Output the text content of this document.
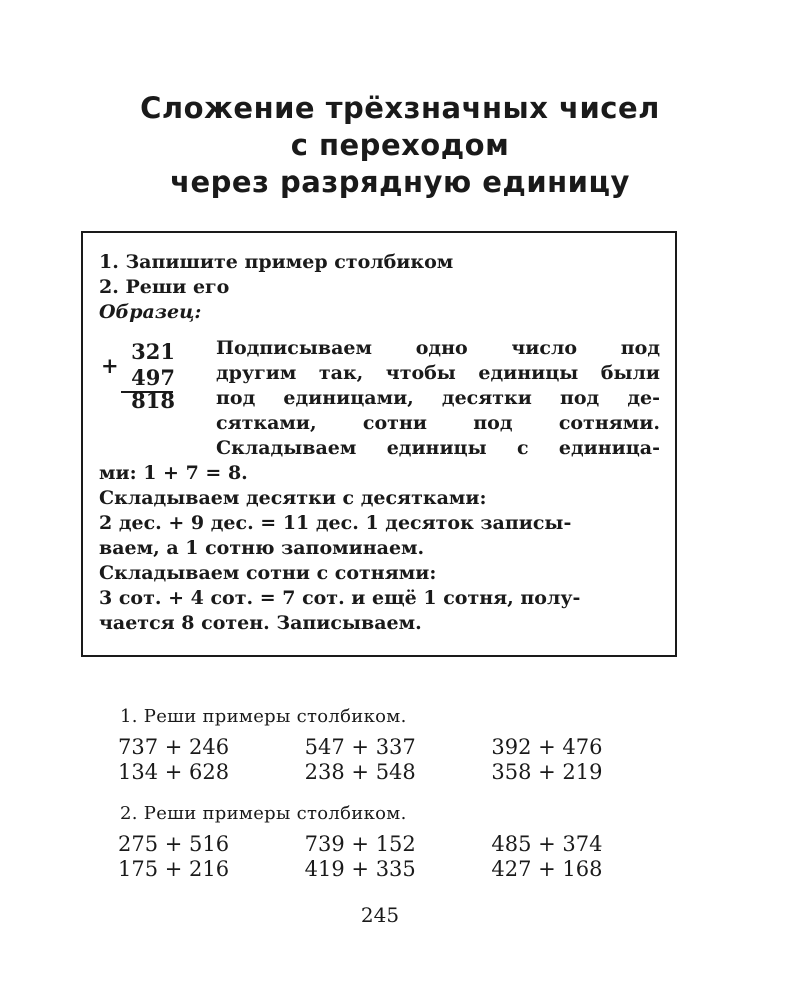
Сложение трёхзначных чисел
с переходом
через разрядную единицу
1. Запишите пример столбиком
2. Реши его
Образец:
+
321
497
818
Подписываем одно число под
другим так, чтобы единицы были
под единицами, десятки под де-
сятками, сотни под сотнями.
Складываем единицы с единица-
ми: 1 + 7 = 8.
Складываем десятки с десятками:
2 дес. + 9 дес. = 11 дес. 1 десяток записы-
ваем, а 1 сотню запоминаем.
Складываем сотни с сотнями:
3 сот. + 4 сот. = 7 сот. и ещё 1 сотня, полу-
чается 8 сотен. Записываем.
1. Реши примеры столбиком.
737 + 246	547 + 337	392 + 476
134 + 628	238 + 548	358 + 219
2. Реши примеры столбиком.
275 + 516	739 + 152	485 + 374
175 + 216	419 + 335	427 + 168
245
